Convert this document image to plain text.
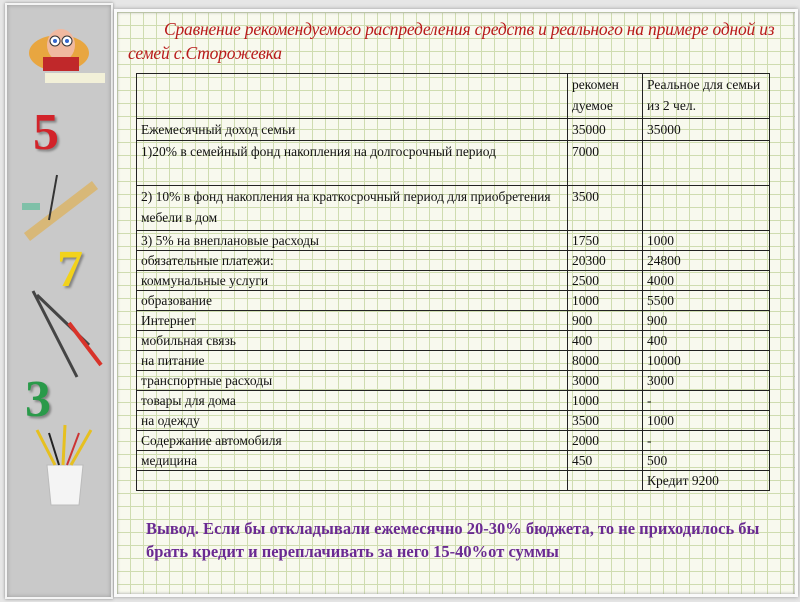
5
7
3
Сравнение рекомендуемого распределения средств и реального на примере одной из семей с.Сторожевка
	рекомен дуемое	Реальное для семьи из 2 чел.
Ежемесячный доход семьи	35000	35000
1)20% в семейный фонд накопления на долгосрочный период	7000	
2) 10% в фонд накопления на краткосрочный период для приобретения мебели в дом	3500	
3) 5% на внеплановые расходы	1750	1000
обязательные платежи:	20300	24800
коммунальные услуги	2500	4000
образование	1000	5500
Интернет	900	900
мобильная связь	400	400
на питание	8000	10000
транспортные расходы	3000	3000
товары для дома	1000	-
на одежду	3500	1000
Содержание автомобиля	2000	-
медицина	450	500
		Кредит 9200
Вывод. Если бы откладывали ежемесячно 20-30% бюджета, то не приходилось бы брать кредит и переплачивать за него 15-40%от суммы
